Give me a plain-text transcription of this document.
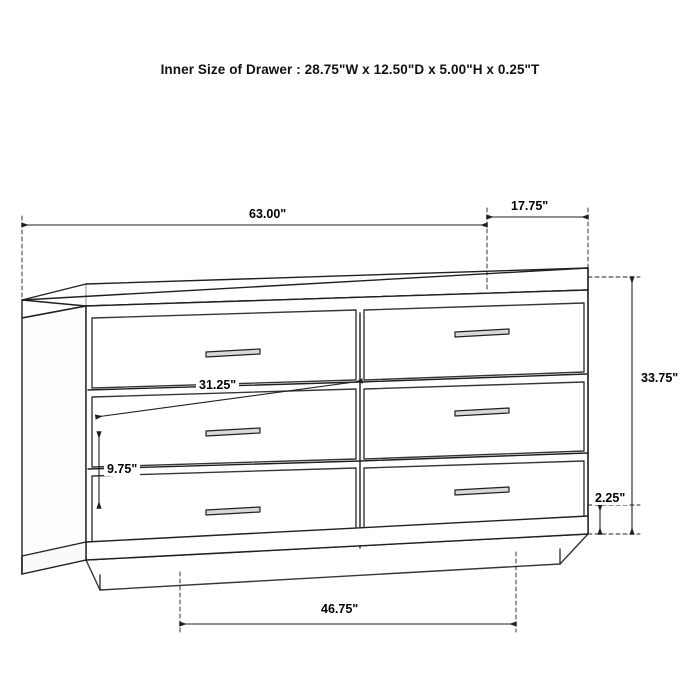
Inner Size of Drawer : 28.75"W x 12.50"D x 5.00"H x 0.25"T
63.00"
17.75"
33.75"
2.25"
31.25"
9.75"
46.75"
